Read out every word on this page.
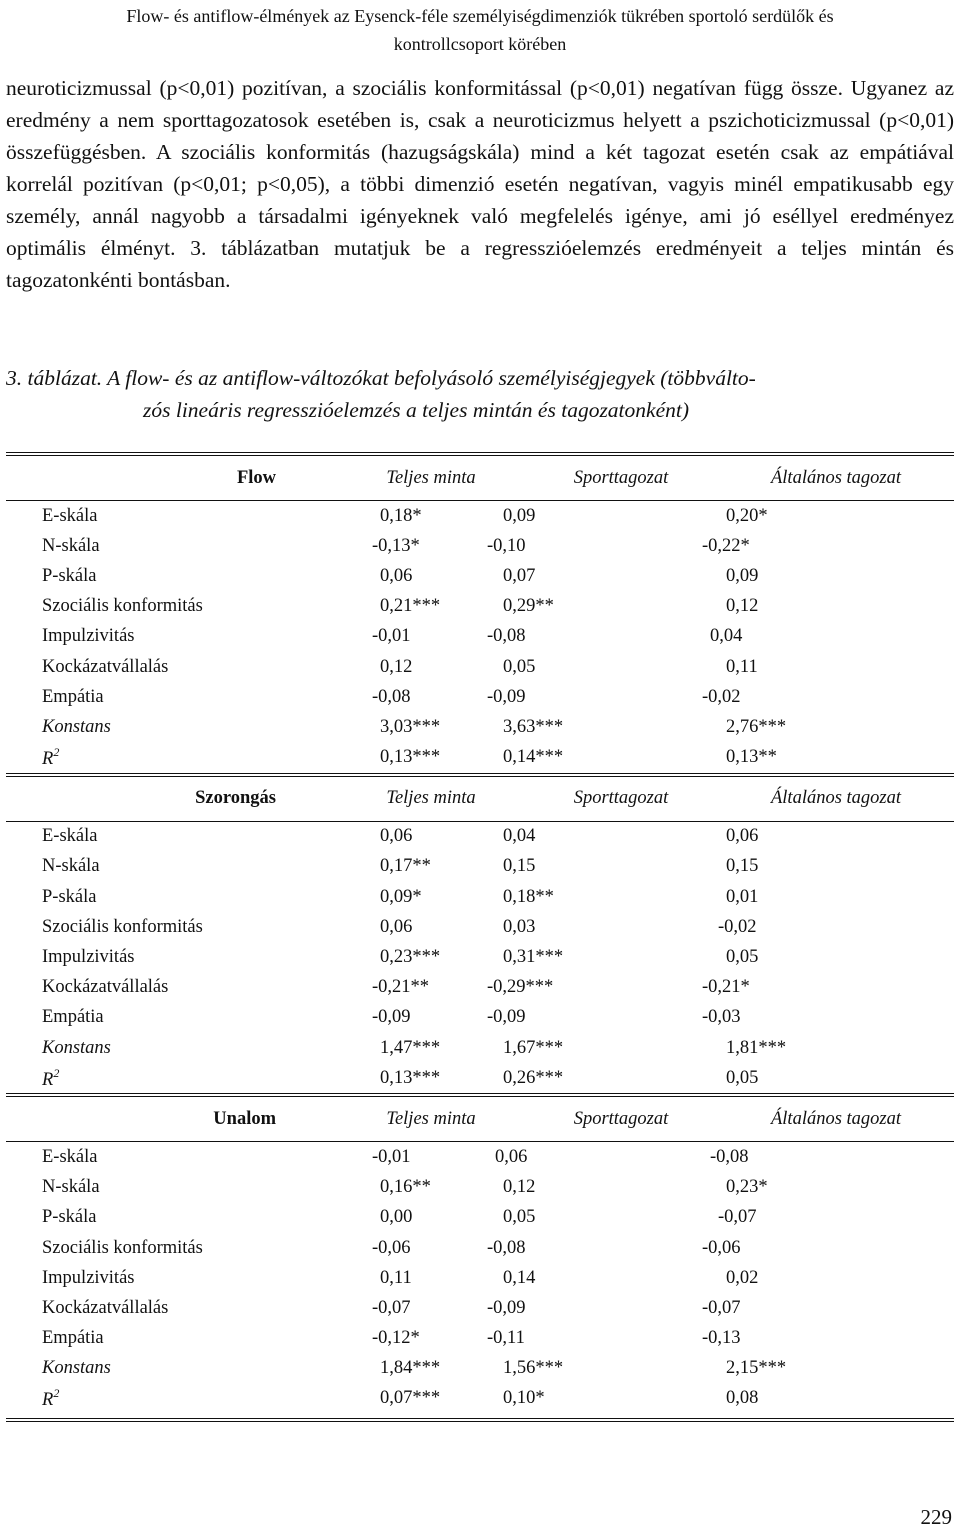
Flow- és antiflow-élmények az Eysenck-féle személyiségdimenziók tükrében sportoló serdülők és
kontrollcsoport körében

neuroticizmussal (p<0,01) pozitívan, a szociális konformitással (p<0,01) negatívan függ össze. Ugyanez az eredmény a nem sporttagozatosok esetében is, csak a neuroticizmus helyett a pszichoticizmussal (p<0,01) összefüggésben. A szociális konformitás (hazugságskála) mind a két tagozat esetén csak az empátiával korrelál pozitívan (p<0,01; p<0,05), a többi dimenzió esetén negatívan, vagyis minél empatikusabb egy személy, annál nagyobb a társadalmi igényeknek való megfelelés igénye, ami jó eséllyel eredményez optimális élményt. 3. táblázatban mutatjuk be a regresszióelemzés eredményeit a teljes mintán és tagozatonkénti bontásban.

3. táblázat. A flow- és az antiflow-változókat befolyásoló személyiségjegyek (többválto-
zós lineáris regresszióelemzés a teljes mintán és tagozatonként)
Flow	Teljes minta	Sporttagozat	Általános tagozat
E-skála	0,18*	0,09	0,20*
N-skála	-0,13*	-0,10	-0,22*
P-skála	0,06	0,07	0,09
Szociális konformitás	0,21***	0,29**	0,12
Impulzivitás	-0,01	-0,08	0,04
Kockázatvállalás	0,12	0,05	0,11
Empátia	-0,08	-0,09	-0,02
Konstans	3,03***	3,63***	2,76***
$R^2$	0,13***	0,14***	0,13**
Szorongás	Teljes minta	Sporttagozat	Általános tagozat
E-skála	0,06	0,04	0,06
N-skála	0,17**	0,15	0,15
P-skála	0,09*	0,18**	0,01
Szociális konformitás	0,06	0,03	-0,02
Impulzivitás	0,23***	0,31***	0,05
Kockázatvállalás	-0,21**	-0,29***	-0,21*
Empátia	-0,09	-0,09	-0,03
Konstans	1,47***	1,67***	1,81***
$R^2$	0,13***	0,26***	0,05
Unalom	Teljes minta	Sporttagozat	Általános tagozat
E-skála	-0,01	0,06	-0,08
N-skála	0,16**	0,12	0,23*
P-skála	0,00	0,05	-0,07
Szociális konformitás	-0,06	-0,08	-0,06
Impulzivitás	0,11	0,14	0,02
Kockázatvállalás	-0,07	-0,09	-0,07
Empátia	-0,12*	-0,11	-0,13
Konstans	1,84***	1,56***	2,15***
$R^2$	0,07***	0,10*	0,08
229
